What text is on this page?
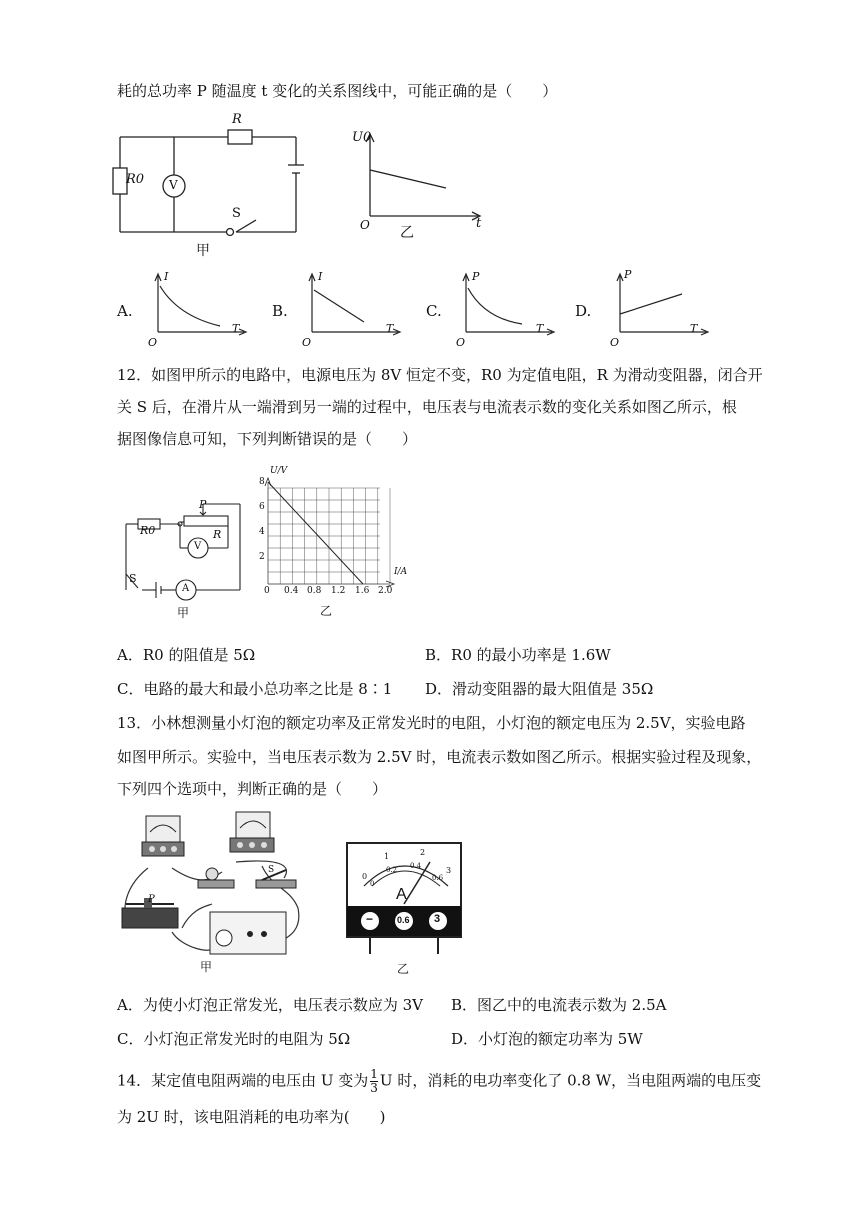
耗的总功率 P 随温度 t 变化的关系图线中，可能正确的是（　　）
R
R0 V
S
甲
U0
O	t
乙
A.
I
T
O
B.
I
T
O
C.
P
T
O
D.
P
T
O
12．如图甲所示的电路中，电源电压为 8V 恒定不变，R0 为定值电阻，R 为滑动变阻器，闭合开
关 S 后，在滑片从一端滑到另一端的过程中，电压表与电流表示数的变化关系如图乙所示，根
据图像信息可知，下列判断错误的是（　　）
R0
P
R
V
A
S
甲
U/V
I/A
8
6
4
2
0 0.4 0.8 1.2 1.6 2.0
乙
A．R0 的阻值是 5Ω	B．R0 的最小功率是 1.6W
C．电路的最大和最小总功率之比是 8∶1 D．滑动变阻器的最大阻值是 35Ω
13．小林想测量小灯泡的额定功率及正常发光时的电阻，小灯泡的额定电压为 2.5V，实验电路
如图甲所示。实验中，当电压表示数为 2.5V 时，电流表示数如图乙所示。根据实验过程及现象，
下列四个选项中，判断正确的是（　　）
P
S
甲
A
−	0.6 3
0
1	2
3
0
0.2 0.4
0.6
乙
A．为使小灯泡正常发光，电压表示数应为 3V B．图乙中的电流表示数为 2.5A
C．小灯泡正常发光时的电阻为 5Ω	D．小灯泡的额定功率为 5W
14．某定值电阻两端的电压由 U 变为 $\frac{1}{3}$ U 时，消耗的电功率变化了 0.8 W，当电阻两端的电压变
为 2U 时，该电阻消耗的电功率为(　　)
